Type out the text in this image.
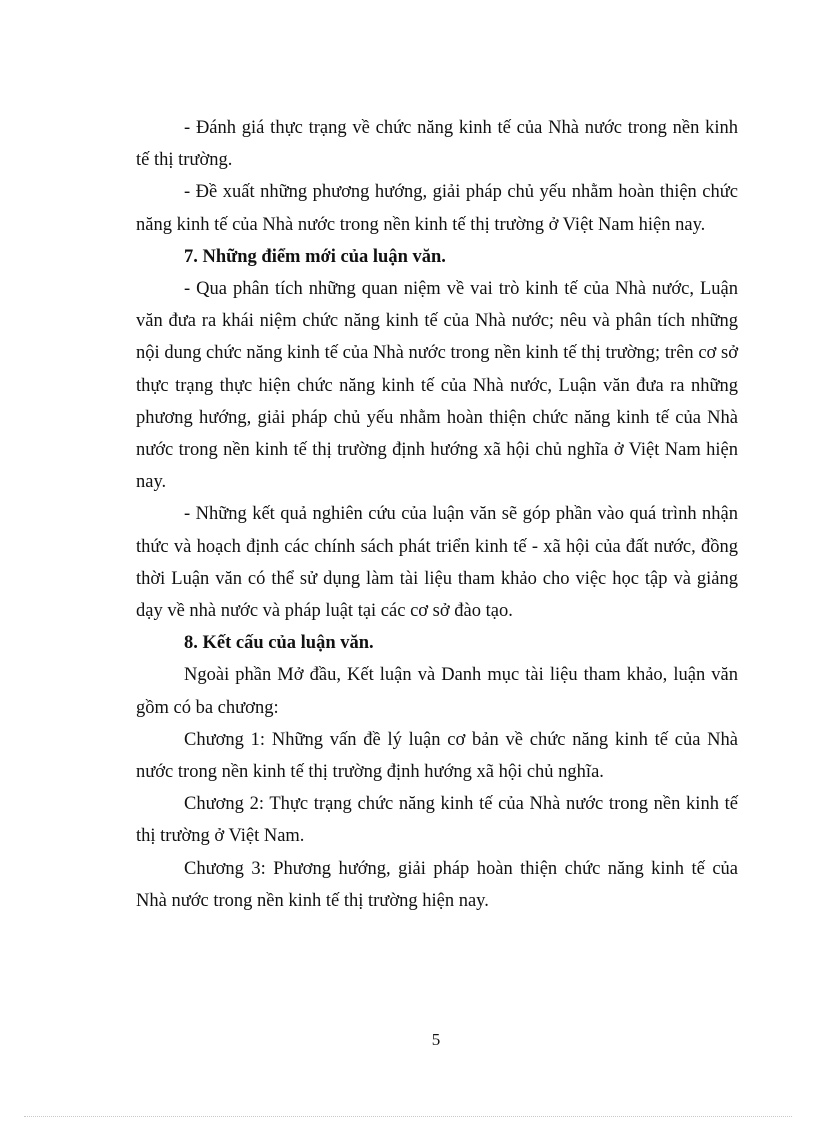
- Đánh giá thực trạng về chức năng kinh tế của Nhà nước trong nền kinh tế thị trường.

- Đề xuất những phương hướng, giải pháp chủ yếu nhằm hoàn thiện chức năng kinh tế của Nhà nước trong nền kinh tế thị trường ở Việt Nam hiện nay.

7. Những điểm mới của luận văn.

- Qua phân tích những quan niệm về vai trò kinh tế của Nhà nước, Luận văn đưa ra khái niệm chức năng kinh tế của Nhà nước; nêu và phân tích những nội dung chức năng kinh tế của Nhà nước trong nền kinh tế thị trường; trên cơ sở thực trạng thực hiện chức năng kinh tế của Nhà nước, Luận văn đưa ra những phương hướng, giải pháp chủ yếu nhằm hoàn thiện chức năng kinh tế của Nhà nước trong nền kinh tế thị trường định hướng xã hội chủ nghĩa ở Việt Nam hiện nay.

- Những kết quả nghiên cứu của luận văn sẽ góp phần vào quá trình nhận thức và hoạch định các chính sách phát triển kinh tế - xã hội của đất nước, đồng thời Luận văn có thể sử dụng làm tài liệu tham khảo cho việc học tập và giảng dạy về nhà nước và pháp luật tại các cơ sở đào tạo.

8. Kết cấu của luận văn.

Ngoài phần Mở đầu, Kết luận và Danh mục tài liệu tham khảo, luận văn gồm có ba chương:

Chương 1: Những vấn đề lý luận cơ bản về chức năng kinh tế của Nhà nước trong nền kinh tế thị trường định hướng xã hội chủ nghĩa.

Chương 2: Thực trạng chức năng kinh tế của Nhà nước trong nền kinh tế thị trường ở Việt Nam.

Chương 3: Phương hướng, giải pháp hoàn thiện chức năng kinh tế của Nhà nước trong nền kinh tế thị trường hiện nay.

5
